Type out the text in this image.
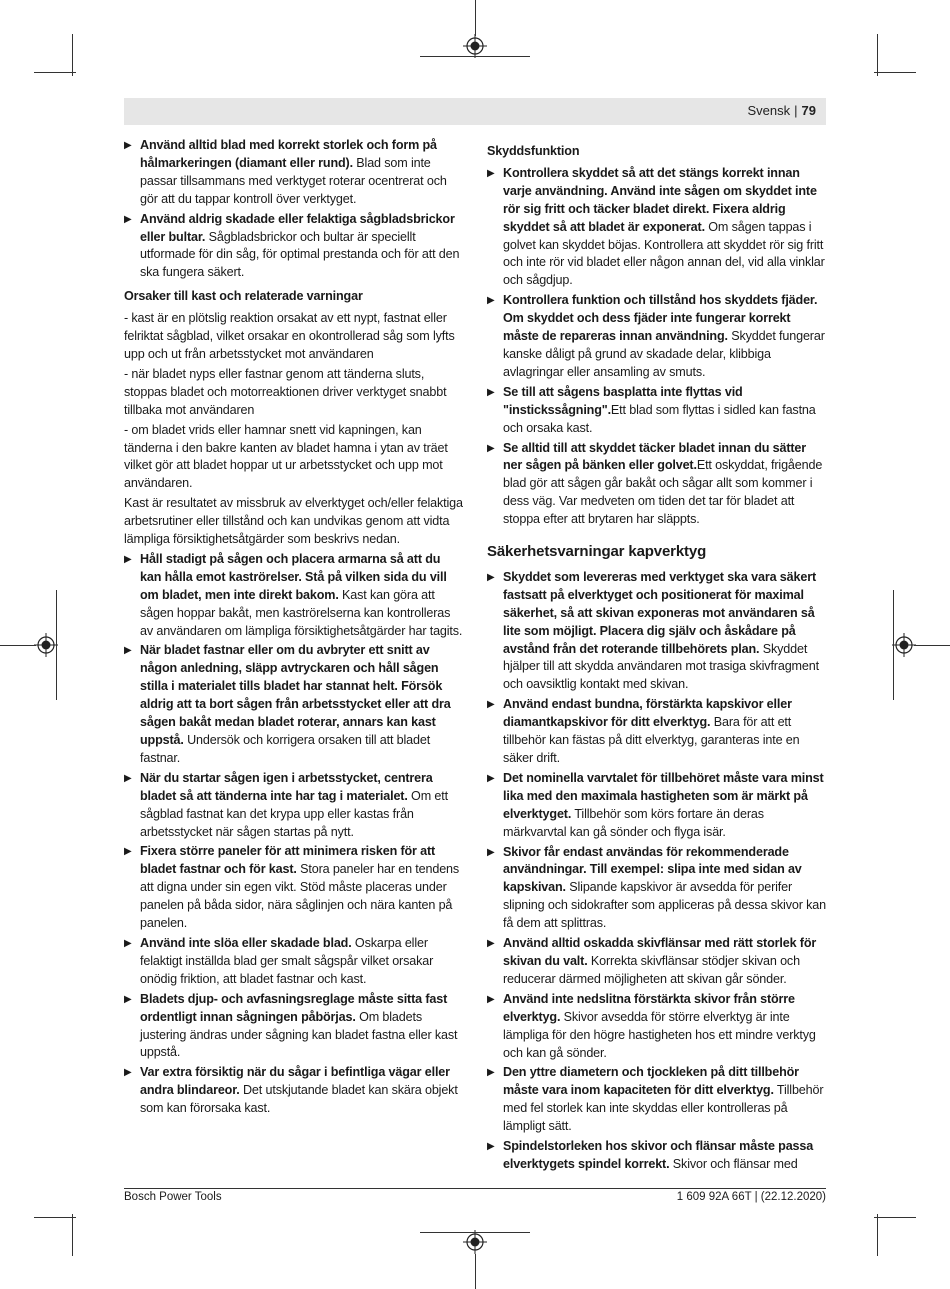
Svensk | 79
▶ Använd alltid blad med korrekt storlek och form på hålmarkeringen (diamant eller rund). Blad som inte passar tillsammans med verktyget roterar ocentrerat och gör att du tappar kontroll över verktyget.
▶ Använd aldrig skadade eller felaktiga sågbladsbrickor eller bultar. Sågbladsbrickor och bultar är speciellt utformade för din såg, för optimal prestanda och för att den ska fungera säkert.
Orsaker till kast och relaterade varningar
- kast är en plötslig reaktion orsakat av ett nypt, fastnat eller felriktat sågblad, vilket orsakar en okontrollerad såg som lyfts upp och ut från arbetsstycket mot användaren
- när bladet nyps eller fastnar genom att tänderna sluts, stoppas bladet och motorreaktionen driver verktyget snabbt tillbaka mot användaren
- om bladet vrids eller hamnar snett vid kapningen, kan tänderna i den bakre kanten av bladet hamna i ytan av träet vilket gör att bladet hoppar ut ur arbetsstycket och upp mot användaren.
Kast är resultatet av missbruk av elverktyget och/eller felaktiga arbetsrutiner eller tillstånd och kan undvikas genom att vidta lämpliga försiktighetsåtgärder som beskrivs nedan.
▶ Håll stadigt på sågen och placera armarna så att du kan hålla emot kaströrelser. Stå på vilken sida du vill om bladet, men inte direkt bakom. Kast kan göra att sågen hoppar bakåt, men kaströrelserna kan kontrolleras av användaren om lämpliga försiktighetsåtgärder har tagits.
▶ När bladet fastnar eller om du avbryter ett snitt av någon anledning, släpp avtryckaren och håll sågen stilla i materialet tills bladet har stannat helt. Försök aldrig att ta bort sågen från arbetsstycket eller att dra sågen bakåt medan bladet roterar, annars kan kast uppstå. Undersök och korrigera orsaken till att bladet fastnar.
▶ När du startar sågen igen i arbetsstycket, centrera bladet så att tänderna inte har tag i materialet. Om ett sågblad fastnat kan det krypa upp eller kastas från arbetsstycket när sågen startas på nytt.
▶ Fixera större paneler för att minimera risken för att bladet fastnar och för kast. Stora paneler har en tendens att digna under sin egen vikt. Stöd måste placeras under panelen på båda sidor, nära såglinjen och nära kanten på panelen.
▶ Använd inte slöa eller skadade blad. Oskarpa eller felaktigt inställda blad ger smalt sågspår vilket orsakar onödig friktion, att bladet fastnar och kast.
▶ Bladets djup- och avfasningsreglage måste sitta fast ordentligt innan sågningen påbörjas. Om bladets justering ändras under sågning kan bladet fastna eller kast uppstå.
▶ Var extra försiktig när du sågar i befintliga vägar eller andra blindareor. Det utskjutande bladet kan skära objekt som kan förorsaka kast.
Skyddsfunktion
▶ Kontrollera skyddet så att det stängs korrekt innan varje användning. Använd inte sågen om skyddet inte rör sig fritt och täcker bladet direkt. Fixera aldrig skyddet så att bladet är exponerat. Om sågen tappas i golvet kan skyddet böjas. Kontrollera att skyddet rör sig fritt och inte rör vid bladet eller någon annan del, vid alla vinklar och sågdjup.
▶ Kontrollera funktion och tillstånd hos skyddets fjäder. Om skyddet och dess fjäder inte fungerar korrekt måste de repareras innan användning. Skyddet fungerar kanske dåligt på grund av skadade delar, klibbiga avlagringar eller ansamling av smuts.
▶ Se till att sågens basplatta inte flyttas vid "instickssågning".Ett blad som flyttas i sidled kan fastna och orsaka kast.
▶ Se alltid till att skyddet täcker bladet innan du sätter ner sågen på bänken eller golvet.Ett oskyddat, frigående blad gör att sågen går bakåt och sågar allt som kommer i dess väg. Var medveten om tiden det tar för bladet att stoppa efter att brytaren har släppts.
Säkerhetsvarningar kapverktyg
▶ Skyddet som levereras med verktyget ska vara säkert fastsatt på elverktyget och positionerat för maximal säkerhet, så att skivan exponeras mot användaren så lite som möjligt. Placera dig själv och åskådare på avstånd från det roterande tillbehörets plan. Skyddet hjälper till att skydda användaren mot trasiga skivfragment och oavsiktlig kontakt med skivan.
▶ Använd endast bundna, förstärkta kapskivor eller diamantkapskivor för ditt elverktyg. Bara för att ett tillbehör kan fästas på ditt elverktyg, garanteras inte en säker drift.
▶ Det nominella varvtalet för tillbehöret måste vara minst lika med den maximala hastigheten som är märkt på elverktyget. Tillbehör som körs fortare än deras märkvarvtal kan gå sönder och flyga isär.
▶ Skivor får endast användas för rekommenderade användningar. Till exempel: slipa inte med sidan av kapskivan. Slipande kapskivor är avsedda för perifer slipning och sidokrafter som appliceras på dessa skivor kan få dem att splittras.
▶ Använd alltid oskadda skivflänsar med rätt storlek för skivan du valt. Korrekta skivflänsar stödjer skivan och reducerar därmed möjligheten att skivan går sönder.
▶ Använd inte nedslitna förstärkta skivor från större elverktyg. Skivor avsedda för större elverktyg är inte lämpliga för den högre hastigheten hos ett mindre verktyg och kan gå sönder.
▶ Den yttre diametern och tjockleken på ditt tillbehör måste vara inom kapaciteten för ditt elverktyg. Tillbehör med fel storlek kan inte skyddas eller kontrolleras på lämpligt sätt.
▶ Spindelstorleken hos skivor och flänsar måste passa elverktygets spindel korrekt. Skivor och flänsar med
Bosch Power Tools	1 609 92A 66T | (22.12.2020)
